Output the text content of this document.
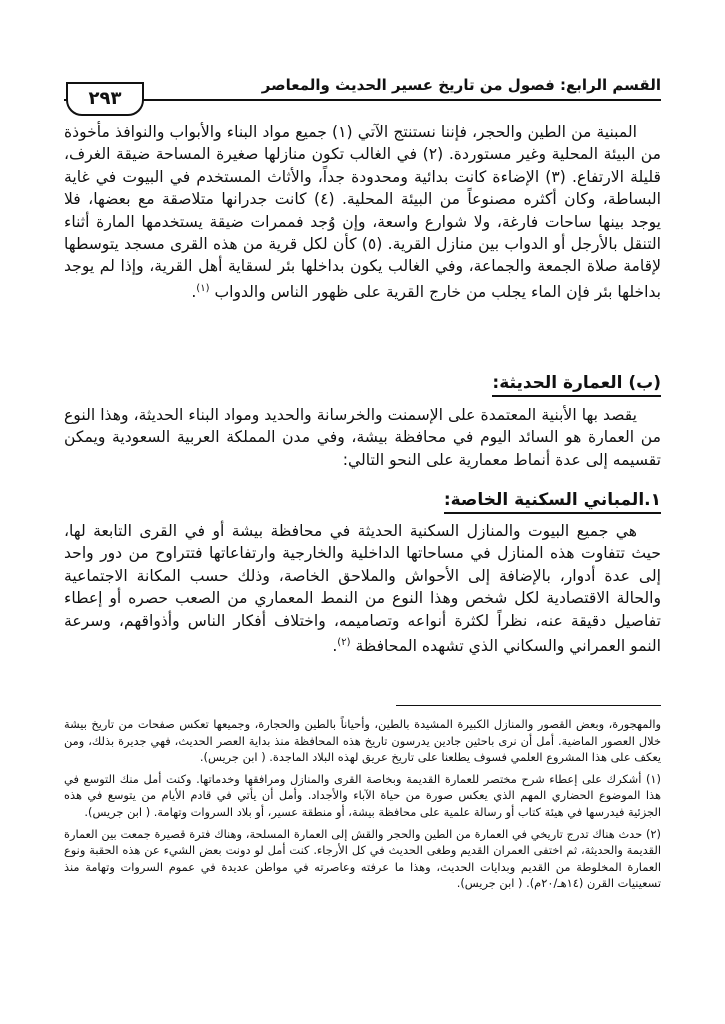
القسم الرابع: فصول من تاريخ عسير الحديث والمعاصر
٢٩٣
المبنية من الطين والحجر، فإننا نستنتج الآتي (١) جميع مواد البناء والأبواب والنوافذ مأخوذة من البيئة المحلية وغير مستوردة. (٢) في الغالب تكون منازلها صغيرة المساحة ضيقة الغرف، قليلة الارتفاع. (٣) الإضاءة كانت بدائية ومحدودة جداً، والأثاث المستخدم في البيوت في غاية البساطة، وكان أكثره مصنوعاً من البيئة المحلية. (٤) كانت جدرانها متلاصقة مع بعضها، فلا يوجد بينها ساحات فارغة، ولا شوارع واسعة، وإن وُجد فممرات ضيقة يستخدمها المارة أثناء التنقل بالأرجل أو الدواب بين منازل القرية. (٥) كأن لكل قرية من هذه القرى مسجد يتوسطها لإقامة صلاة الجمعة والجماعة، وفي الغالب يكون بداخلها بئر لسقاية أهل القرية، وإذا لم يوجد بداخلها بئر فإن الماء يجلب من خارج القرية على ظهور الناس والدواب $^{(١)}$.
(ب) العمارة الحديثة:
يقصد بها الأبنية المعتمدة على الإسمنت والخرسانة والحديد ومواد البناء الحديثة، وهذا النوع من العمارة هو السائد اليوم في محافظة بيشة، وفي مدن المملكة العربية السعودية ويمكن تقسيمه إلى عدة أنماط معمارية على النحو التالي:
١.المباني السكنية الخاصة:
هي جميع البيوت والمنازل السكنية الحديثة في محافظة بيشة أو في القرى التابعة لها، حيث تتفاوت هذه المنازل في مساحاتها الداخلية والخارجية وارتفاعاتها فتتراوح من دور واحد إلى عدة أدوار، بالإضافة إلى الأحواش والملاحق الخاصة، وذلك حسب المكانة الاجتماعية والحالة الاقتصادية لكل شخص وهذا النوع من النمط المعماري من الصعب حصره أو إعطاء تفاصيل دقيقة عنه، نظراً لكثرة أنواعه وتصاميمه، واختلاف أفكار الناس وأذواقهم، وسرعة النمو العمراني والسكاني الذي تشهده المحافظة $^{(٢)}$.
والمهجورة، وبعض القصور والمنازل الكبيرة المشيدة بالطين، وأحياناً بالطين والحجارة، وجميعها تعكس صفحات من تاريخ بيشة خلال العصور الماضية. أمل أن نرى باحثين جادين يدرسون تاريخ هذه المحافظة منذ بداية العصر الحديث، فهي جديرة بذلك، ومن يعكف على هذا المشروع العلمي فسوف يطلعنا على تاريخ عريق لهذه البلاد الماجدة. ( ابن جريس).
(١) أشكرك على إعطاء شرح مختصر للعمارة القديمة وبخاصة القرى والمنازل ومرافقها وخدماتها. وكنت أمل منك التوسع في هذا الموضوع الحضاري المهم الذي يعكس صورة من حياة الآباء والأجداد. وأمل أن يأتي في قادم الأيام من يتوسع في هذه الجزئية فيدرسها في هيئة كتاب أو رسالة علمية على محافظة بيشة، أو منطقة عسير، أو بلاد السروات وتهامة. ( ابن جريس).
(٢) حدث هناك تدرج تاريخي في العمارة من الطين والحجر والقش إلى العمارة المسلحة، وهناك فترة قصيرة جمعت بين العمارة القديمة والحديثة، ثم اختفى العمران القديم وطغى الحديث في كل الأرجاء. كنت أمل لو دونت بعض الشيء عن هذه الحقبة ونوع العمارة المخلوطة من القديم وبدايات الحديث، وهذا ما عرفته وعاصرته في مواطن عديدة في عموم السروات وتهامة منذ تسعينيات القرن (١٤هـ/٢٠م). ( ابن جريس).
